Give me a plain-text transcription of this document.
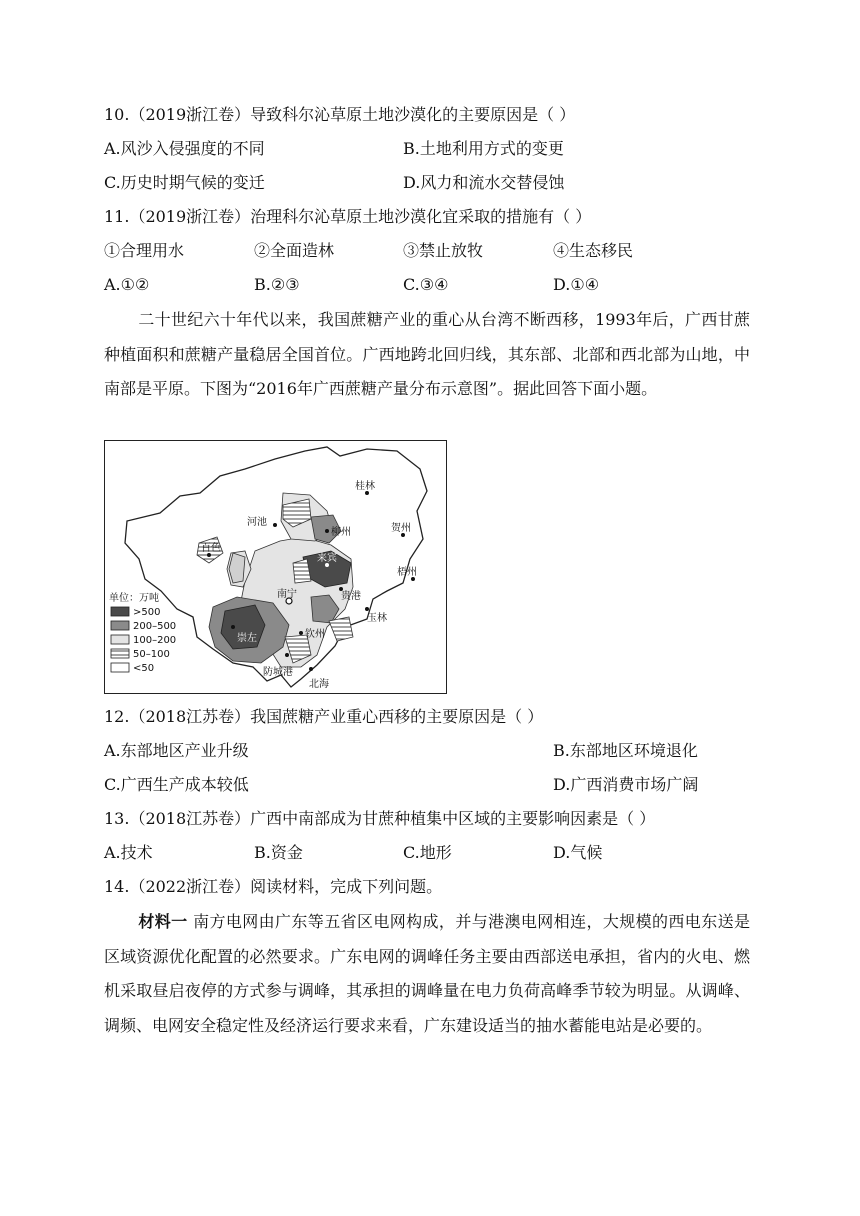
10.（2019浙江卷）导致科尔沁草原土地沙漠化的主要原因是（ ）
A.风沙入侵强度的不同	B.土地利用方式的变更
C.历史时期气候的变迁	D.风力和流水交替侵蚀
11.（2019浙江卷）治理科尔沁草原土地沙漠化宜采取的措施有（ ）
①合理用水	②全面造林	③禁止放牧	④生态移民
A.①②	B.②③	C.③④	D.①④
二十世纪六十年代以来，我国蔗糖产业的重心从台湾不断西移，1993年后，广西甘蔗种植面积和蔗糖产量稳居全国首位。广西地跨北回归线，其东部、北部和西北部为山地，中南部是平原。下图为“2016年广西蔗糖产量分布示意图”。据此回答下面小题。
桂林
河池
柳州	贺州
百色
来宾
梧州
贵港
南宁
玉林
崇左	钦州
防城港
北海
单位：万吨
>500
200–500
100–200
50–100
<50
12.（2018江苏卷）我国蔗糖产业重心西移的主要原因是（ ）
A.东部地区产业升级	B.东部地区环境退化
C.广西生产成本较低	D.广西消费市场广阔
13.（2018江苏卷）广西中南部成为甘蔗种植集中区域的主要影响因素是（ ）
A.技术	B.资金	C.地形	D.气候
14.（2022浙江卷）阅读材料，完成下列问题。
材料一 南方电网由广东等五省区电网构成，并与港澳电网相连，大规模的西电东送是区域资源优化配置的必然要求。广东电网的调峰任务主要由西部送电承担，省内的火电、燃机采取昼启夜停的方式参与调峰，其承担的调峰量在电力负荷高峰季节较为明显。从调峰、调频、电网安全稳定性及经济运行要求来看，广东建设适当的抽水蓄能电站是必要的。
